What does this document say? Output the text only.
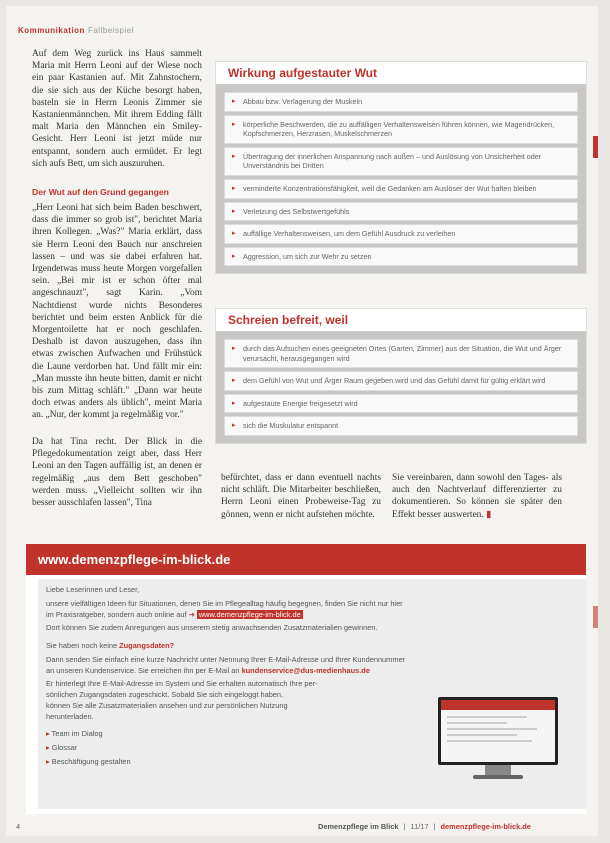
Kommunikation Fallbeispiel

Auf dem Weg zurück ins Haus sammelt Maria mit Herrn Leoni auf der Wiese noch ein paar Kastanien auf. Mit Zahnstochern, die sie sich aus der Küche besorgt haben, basteln sie in Herrn Leonis Zimmer sie Kastanienmännchen. Mit ihrem Edding fällt malt Maria den Männchen ein Smiley-Gesicht. Herr Leoni ist jetzt müde nur entspannt, sondern auch ermüdet. Er legt sich aufs Bett, um sich auszuruhen.

Der Wut auf den Grund gegangen

„Herr Leoni hat sich beim Baden beschwert, dass die immer so grob ist", berichtet Maria ihren Kollegen. „Was?" Maria erklärt, dass sie Herrn Leoni den Bauch nur anschreien lassen – und was sie dabei erfahren hat. Irgendetwas muss heute Morgen vorgefallen sein. „Bei mir ist er schon öfter mal angeschnauzt", sagt Karin. „Vom Nachtdienst wurde nichts Besonderes berichtet und beim ersten Anblick für die Morgentoilette hat er noch geschlafen. Deshalb ist davon auszugehen, dass ihn etwas zwischen Aufwachen und Frühstück die Laune verdorben hat. Und fällt mir ein: „Man musste ihn heute bitten, damit er nicht bis zum Mittag schläft." „Dann war heute doch etwas anders als üblich", meint Maria an. „Nur, der kommt ja regelmäßig vor."

Da hat Tina recht. Der Blick in die Pflegedokumentation zeigt aber, dass Herr Leoni an den Tagen auffällig ist, an denen er regelmäßig „aus dem Bett geschoben" werden muss. „Vielleicht sollten wir ihn besser ausschlafen lassen", Tina

Wirkung aufgestauter Wut
▸ Abbau bzw. Verlagerung der Muskeln
▸ körperliche Beschwerden, die zu auffälligen Verhaltensweisen führen können, wie Magendrücken, Kopfschmerzen, Herzrasen, Muskelschmerzen
▸ Übertragung der innerlichen Anspannung nach außen – und Auslösung von Unsicherheit oder Unverständnis bei Dritten
▸ verminderte Konzentrationsfähigkeit, weil die Gedanken am Auslöser der Wut haften bleiben
▸ Verletzung des Selbstwertgefühls
▸ auffällige Verhaltensweisen, um dem Gefühl Ausdruck zu verleihen
▸ Aggression, um sich zur Wehr zu setzen
Schreien befreit, weil
▸ durch das Aufsuchen eines geeigneten Ortes (Garten, Zimmer) aus der Situation, die Wut und Ärger verursacht, herausgegangen wird
▸ dem Gefühl von Wut und Ärger Raum gegeben wird und das Gefühl damit für gültig erklärt wird
▸ aufgestaute Energie freigesetzt wird
▸ sich die Muskulatur entspannt
befürchtet, dass er dann eventuell nachts nicht schläft. Die Mitarbeiter beschließen, Herrn Leoni einen Probeweise-Tag zu gönnen, wenn er nicht aufstehen möchte.
Sie vereinbaren, dann sowohl den Tages- als auch den Nachtverlauf differenzierter zu dokumentieren. So können sie später den Effekt besser auswerten. ▮
www.demenzpflege-im-blick.de
Liebe Leserinnen und Leser,
unsere vielfältigen Ideen für Situationen, denen Sie im Pflegealltag häufig begegnen, finden Sie nicht nur hier
im Praxisratgeber, sondern auch online auf ➜ www.demenzpflege-im-blick.de
Dort können Sie zudem Anregungen aus unserem stetig anwachsenden Zusatzmaterialien gewinnen.
Sie haben noch keine Zugangsdaten?
Dann senden Sie einfach eine kurze Nachricht unter Nennung Ihrer E-Mail-Adresse und Ihrer Kundennummer
an unseren Kundenservice. Sie erreichen ihn per E-Mail an kundenservice@dus-medienhaus.de
Er hinterlegt Ihre E-Mail-Adresse im System und Sie erhalten automatisch Ihre per-
sönlichen Zugangsdaten zugeschickt. Sobald Sie sich eingeloggt haben,
können Sie alle Zusatzmaterialien ansehen und zur persönlichen Nutzung
herunterladen.
▸ Team im Dialog
▸ Glossar
▸ Beschäftigung gestalten
4	Demenzpflege im Blick | 11/17 | demenzpflege-im-blick.de
